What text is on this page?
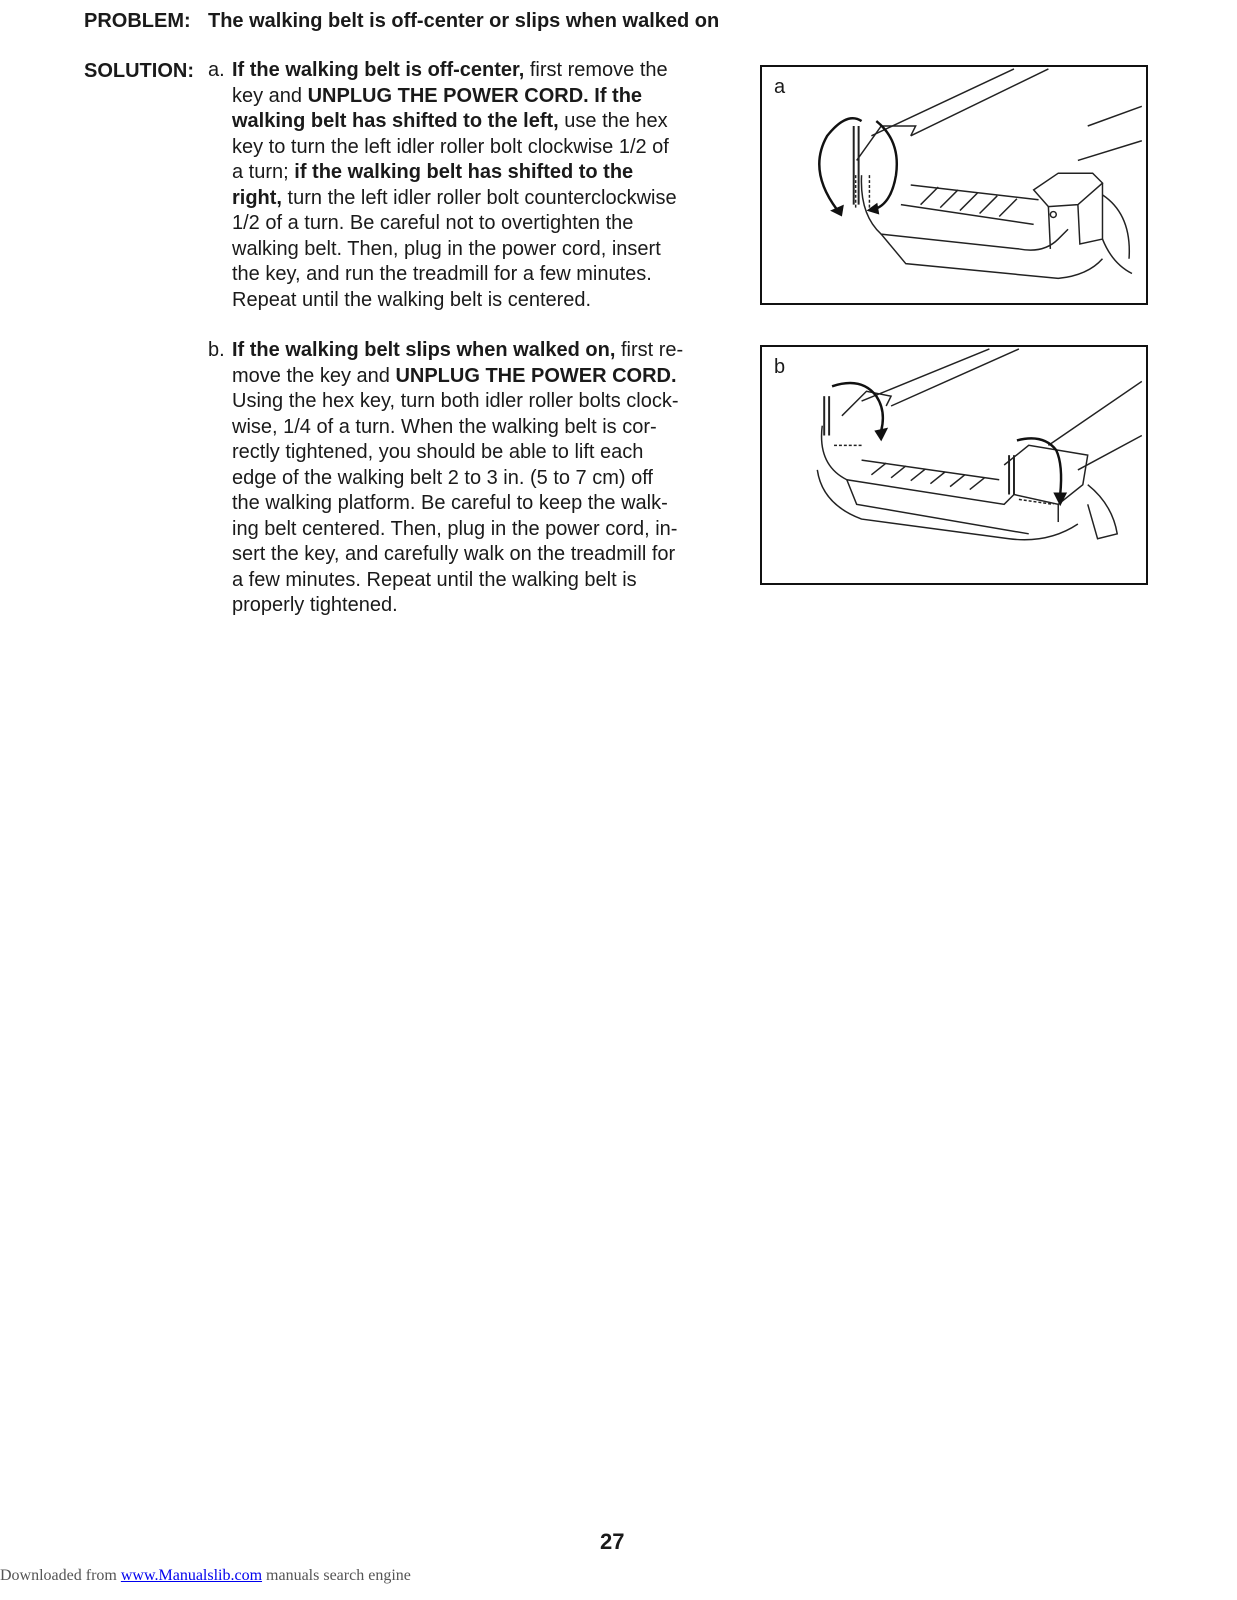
PROBLEM: The walking belt is off-center or slips when walked on
SOLUTION: a. If the walking belt is off-center, first remove the
key and UNPLUG THE POWER CORD. If the
walking belt has shifted to the left, use the hex
key to turn the left idler roller bolt clockwise 1/2 of
a turn; if the walking belt has shifted to the
right, turn the left idler roller bolt counterclockwise
1/2 of a turn. Be careful not to overtighten the
walking belt. Then, plug in the power cord, insert
the key, and run the treadmill for a few minutes.
Repeat until the walking belt is centered.
b. If the walking belt slips when walked on, first re-
move the key and UNPLUG THE POWER CORD.
Using the hex key, turn both idler roller bolts clock-
wise, 1/4 of a turn. When the walking belt is cor-
rectly tightened, you should be able to lift each
edge of the walking belt 2 to 3 in. (5 to 7 cm) off
the walking platform. Be careful to keep the walk-
ing belt centered. Then, plug in the power cord, in-
sert the key, and carefully walk on the treadmill for
a few minutes. Repeat until the walking belt is
properly tightened.
a
b
27
Downloaded from www.Manualslib.com manuals search engine
